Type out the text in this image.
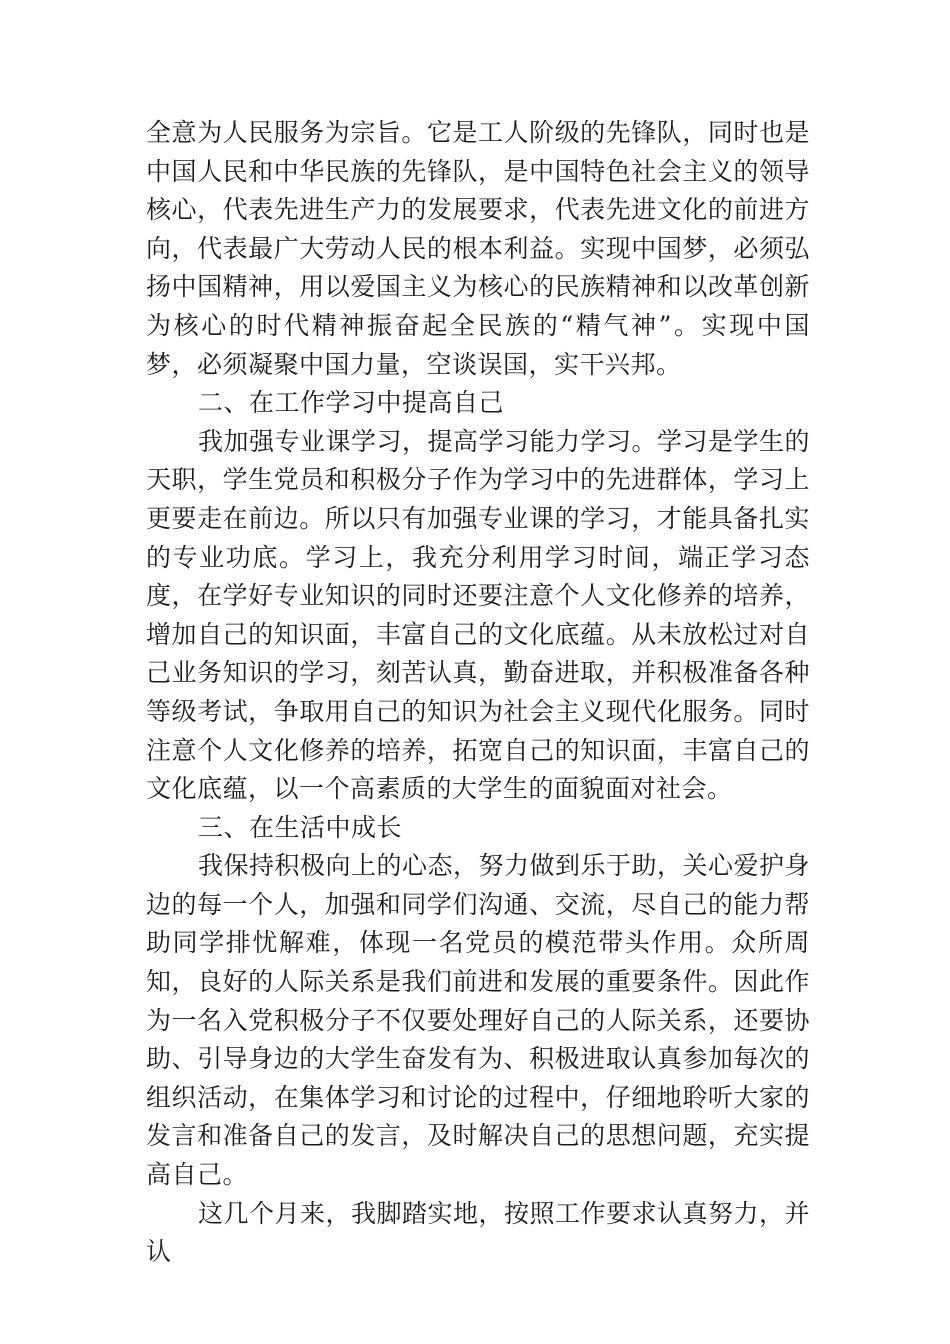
全意为人民服务为宗旨。它是工人阶级的先锋队，同时也是中国人民和中华民族的先锋队，是中国特色社会主义的领导核心，代表先进生产力的发展要求，代表先进文化的前进方向，代表最广大劳动人民的根本利益。实现中国梦，必须弘扬中国精神，用以爱国主义为核心的民族精神和以改革创新为核心的时代精神振奋起全民族的“精气神”。实现中国梦，必须凝聚中国力量，空谈误国，实干兴邦。

二、在工作学习中提高自己

我加强专业课学习，提高学习能力学习。学习是学生的天职，学生党员和积极分子作为学习中的先进群体，学习上更要走在前边。所以只有加强专业课的学习，才能具备扎实的专业功底。学习上，我充分利用学习时间，端正学习态度，在学好专业知识的同时还要注意个人文化修养的培养，增加自己的知识面，丰富自己的文化底蕴。从未放松过对自己业务知识的学习，刻苦认真，勤奋进取，并积极准备各种等级考试，争取用自己的知识为社会主义现代化服务。同时注意个人文化修养的培养，拓宽自己的知识面，丰富自己的文化底蕴，以一个高素质的大学生的面貌面对社会。

三、在生活中成长

我保持积极向上的心态，努力做到乐于助，关心爱护身边的每一个人，加强和同学们沟通、交流，尽自己的能力帮助同学排忧解难，体现一名党员的模范带头作用。众所周知，良好的人际关系是我们前进和发展的重要条件。因此作为一名入党积极分子不仅要处理好自己的人际关系，还要协助、引导身边的大学生奋发有为、积极进取认真参加每次的组织活动，在集体学习和讨论的过程中，仔细地聆听大家的发言和准备自己的发言，及时解决自己的思想问题，充实提高自己。

这几个月来，我脚踏实地，按照工作要求认真努力，并认
